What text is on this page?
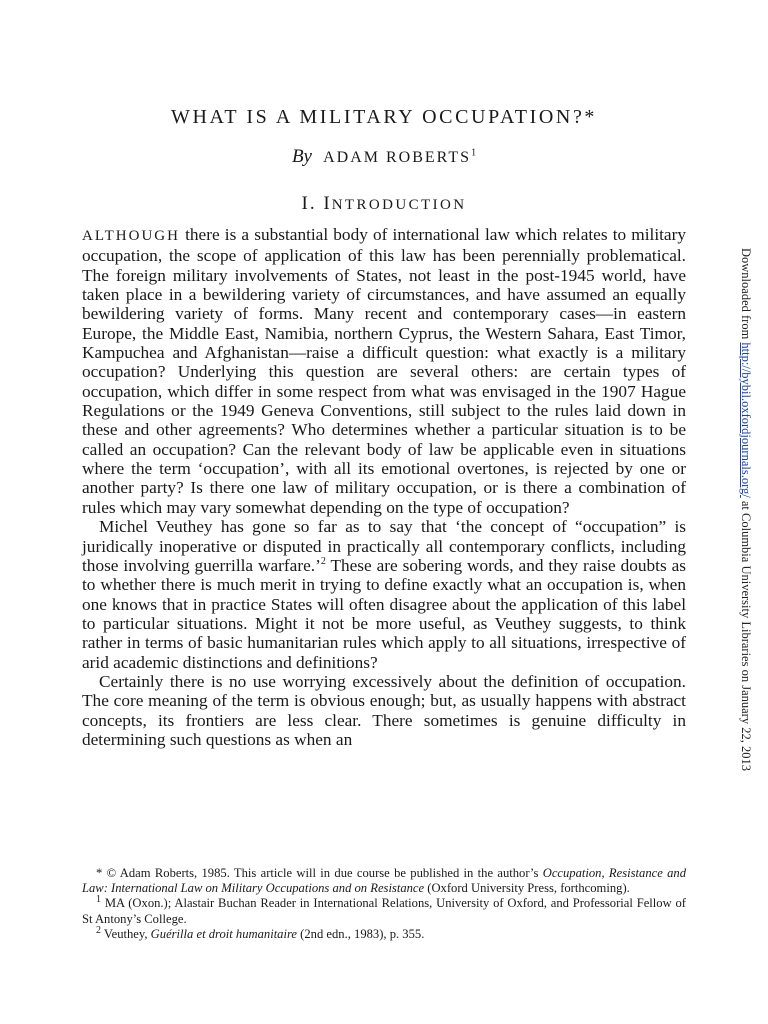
WHAT IS A MILITARY OCCUPATION?*
By ADAM ROBERTS$^1$
I. INTRODUCTION

ALTHOUGH there is a substantial body of international law which relates to military occupation, the scope of application of this law has been perennially problematical. The foreign military involvements of States, not least in the post-1945 world, have taken place in a bewildering variety of circumstances, and have assumed an equally bewildering variety of forms. Many recent and contemporary cases—in eastern Europe, the Middle East, Namibia, northern Cyprus, the Western Sahara, East Timor, Kampuchea and Afghanistan—raise a difficult question: what exactly is a military occupation? Underlying this question are several others: are certain types of occupation, which differ in some respect from what was envisaged in the 1907 Hague Regulations or the 1949 Geneva Conventions, still subject to the rules laid down in these and other agreements? Who determines whether a particular situation is to be called an occupation? Can the relevant body of law be applicable even in situations where the term ‘occupation’, with all its emotional overtones, is rejected by one or another party? Is there one law of military occupation, or is there a combination of rules which may vary somewhat depending on the type of occupation?

Michel Veuthey has gone so far as to say that ‘the concept of “occupation” is juridically inoperative or disputed in practically all contemporary conflicts, including those involving guerrilla warfare.’$^2$ These are sobering words, and they raise doubts as to whether there is much merit in trying to define exactly what an occupation is, when one knows that in practice States will often disagree about the application of this label to particular situations. Might it not be more useful, as Veuthey suggests, to think rather in terms of basic humanitarian rules which apply to all situations, irrespective of arid academic distinctions and definitions?

Certainly there is no use worrying excessively about the definition of occupation. The core meaning of the term is obvious enough; but, as usually happens with abstract concepts, its frontiers are less clear. There sometimes is genuine difficulty in determining such questions as when an

* © Adam Roberts, 1985. This article will in due course be published in the author’s Occupation, Resistance and Law: International Law on Military Occupations and on Resistance (Oxford University Press, forthcoming).

$^1$ MA (Oxon.); Alastair Buchan Reader in International Relations, University of Oxford, and Professorial Fellow of St Antony’s College.

$^2$ Veuthey, Guérilla et droit humanitaire (2nd edn., 1983), p. 355.

Downloaded from http://bybil.oxfordjournals.org/ at Columbia University Libraries on January 22, 2013
